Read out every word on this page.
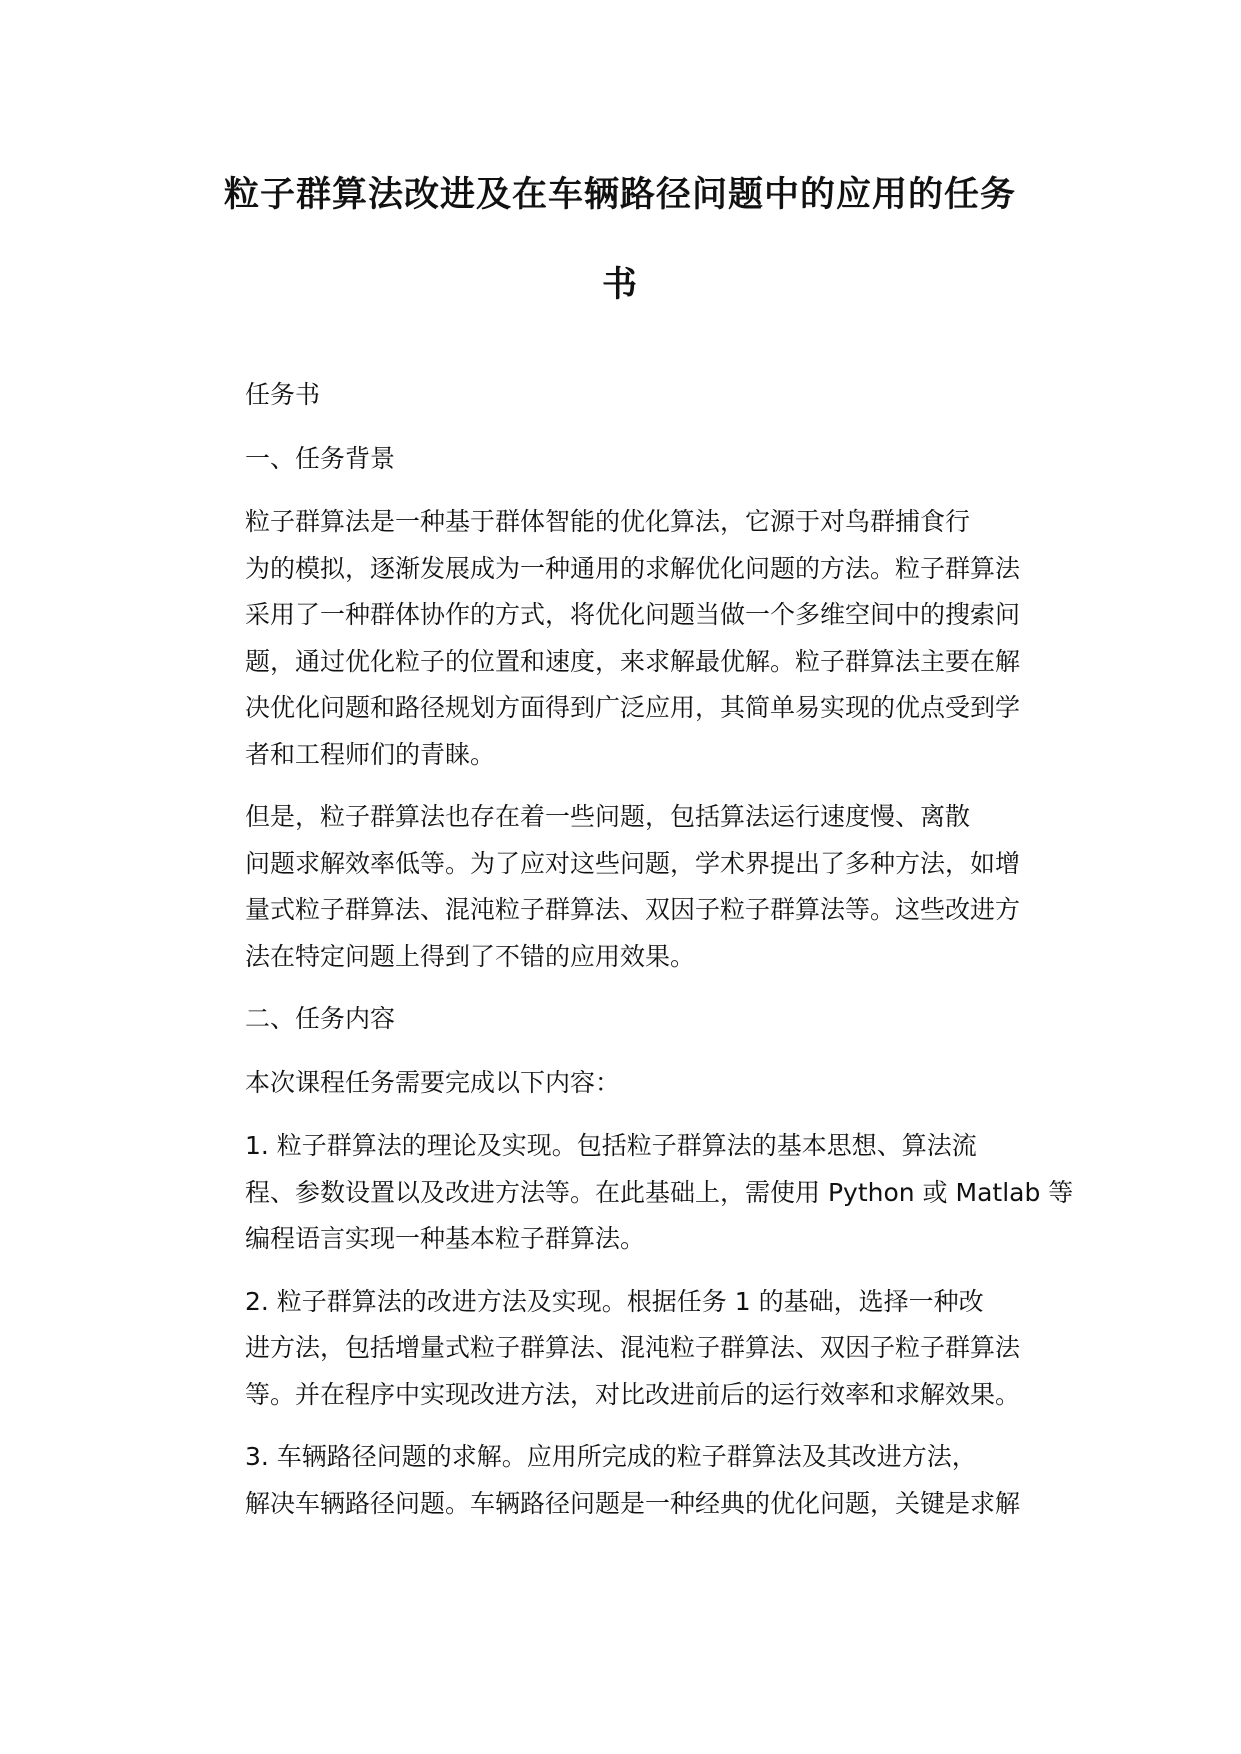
粒子群算法改进及在车辆路径问题中的应用的任务
书

任务书

一、任务背景

粒子群算法是一种基于群体智能的优化算法，它源于对鸟群捕食行
为的模拟，逐渐发展成为一种通用的求解优化问题的方法。粒子群算法
采用了一种群体协作的方式，将优化问题当做一个多维空间中的搜索问
题，通过优化粒子的位置和速度，来求解最优解。粒子群算法主要在解
决优化问题和路径规划方面得到广泛应用，其简单易实现的优点受到学
者和工程师们的青睐。

但是，粒子群算法也存在着一些问题，包括算法运行速度慢、离散
问题求解效率低等。为了应对这些问题，学术界提出了多种方法，如增
量式粒子群算法、混沌粒子群算法、双因子粒子群算法等。这些改进方
法在特定问题上得到了不错的应用效果。

二、任务内容

本次课程任务需要完成以下内容：

1. 粒子群算法的理论及实现。包括粒子群算法的基本思想、算法流
程、参数设置以及改进方法等。在此基础上，需使用 Python 或 Matlab 等
编程语言实现一种基本粒子群算法。

2. 粒子群算法的改进方法及实现。根据任务 1 的基础，选择一种改
进方法，包括增量式粒子群算法、混沌粒子群算法、双因子粒子群算法
等。并在程序中实现改进方法，对比改进前后的运行效率和求解效果。

3. 车辆路径问题的求解。应用所完成的粒子群算法及其改进方法，
解决车辆路径问题。车辆路径问题是一种经典的优化问题，关键是求解
